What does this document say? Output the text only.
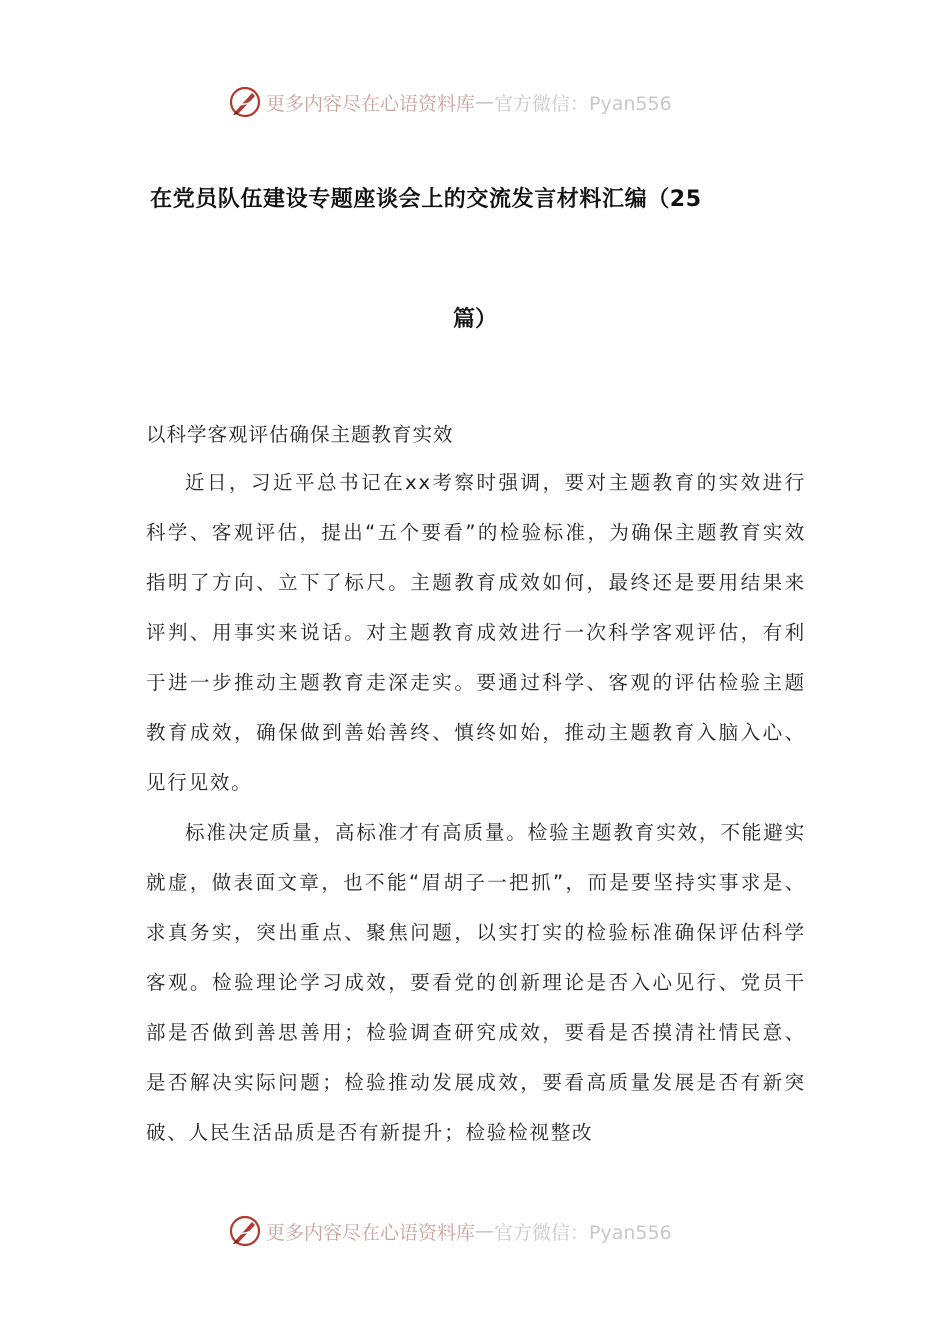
更多内容尽在心语资料库 — 官方微信：Pyan556
在党员队伍建设专题座谈会上的交流发言材料汇编（25
篇）
以科学客观评估确保主题教育实效

近日，习近平总书记在xx考察时强调，要对主题教育的实效进行科学、客观评估，提出“五个要看”的检验标准，为确保主题教育实效指明了方向、立下了标尺。主题教育成效如何，最终还是要用结果来评判、用事实来说话。对主题教育成效进行一次科学客观评估，有利于进一步推动主题教育走深走实。要通过科学、客观的评估检验主题教育成效，确保做到善始善终、慎终如始，推动主题教育入脑入心、见行见效。

标准决定质量，高标准才有高质量。检验主题教育实效，不能避实就虚，做表面文章，也不能“眉胡子一把抓”，而是要坚持实事求是、求真务实，突出重点、聚焦问题，以实打实的检验标准确保评估科学客观。检验理论学习成效，要看党的创新理论是否入心见行、党员干部是否做到善思善用；检验调查研究成效，要看是否摸清社情民意、是否解决实际问题；检验推动发展成效，要看高质量发展是否有新突破、人民生活品质是否有新提升；检验检视整改

更多内容尽在心语资料库 — 官方微信：Pyan556
